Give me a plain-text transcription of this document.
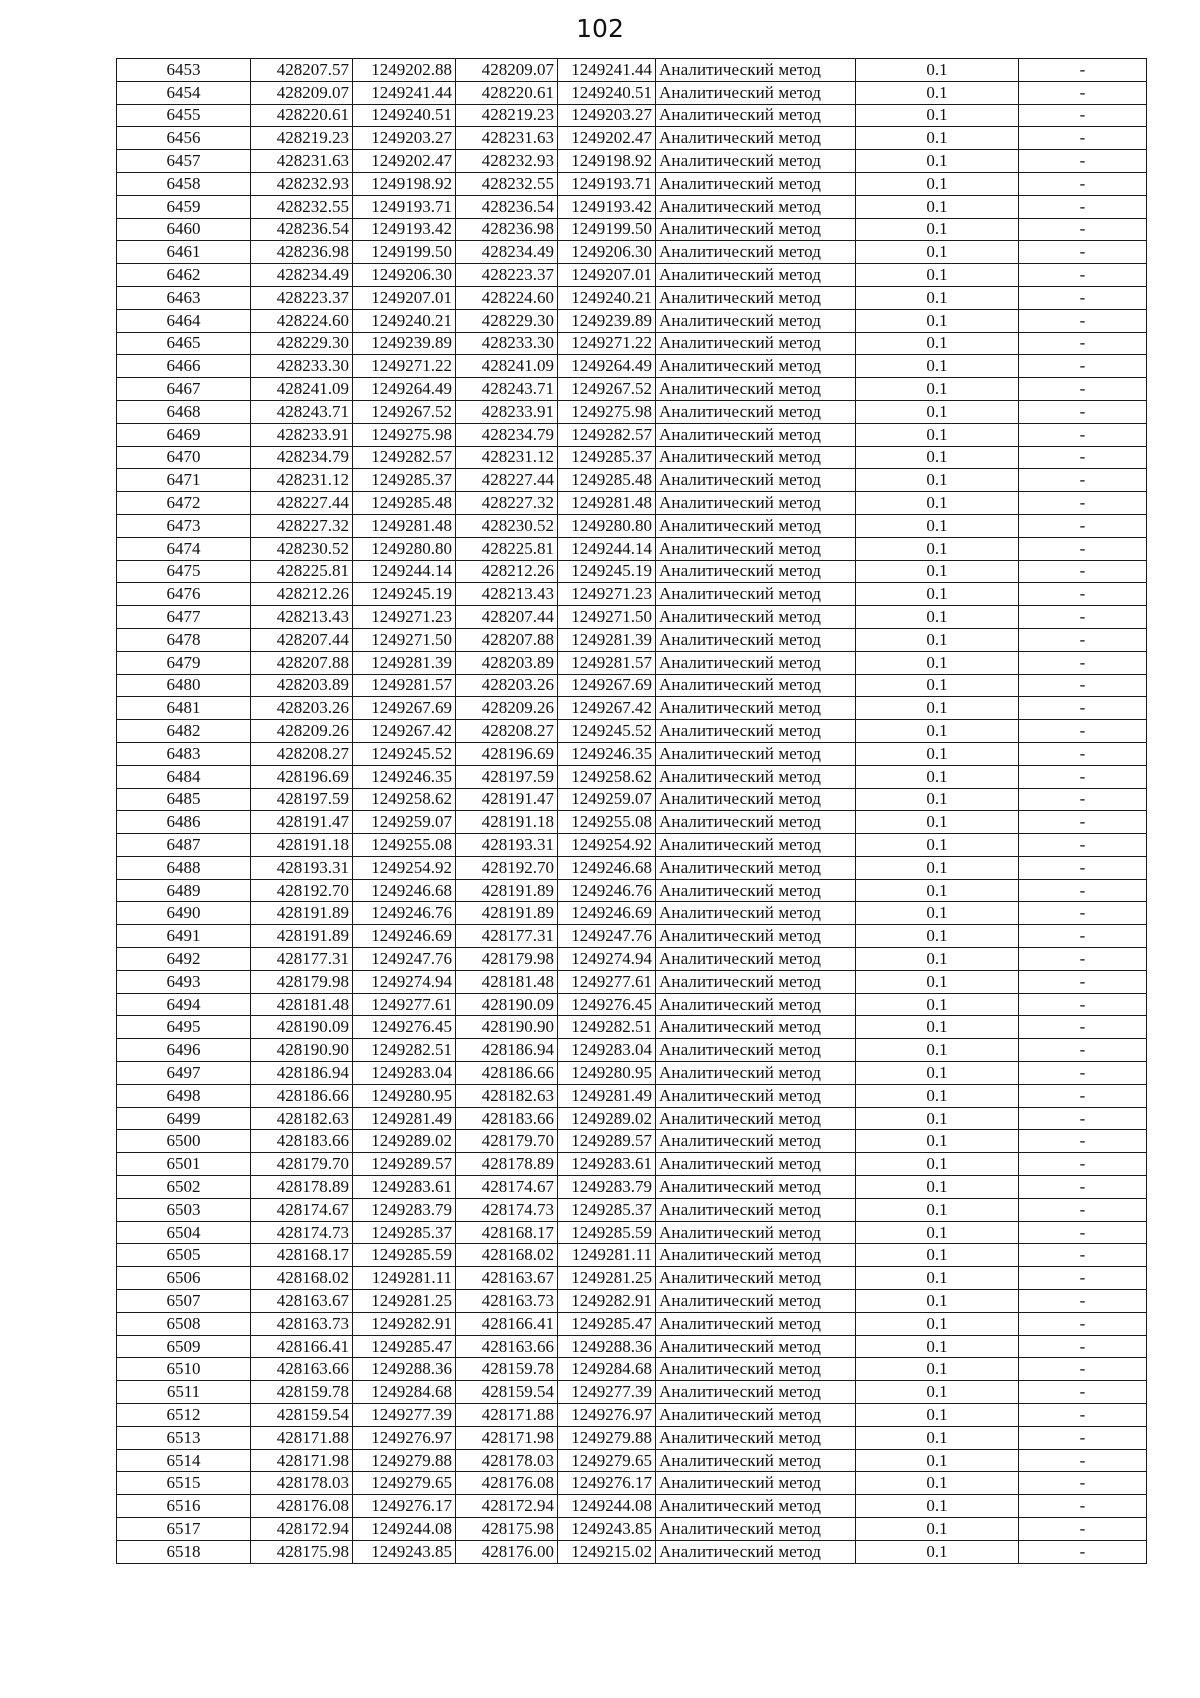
102
6453	428207.57	1249202.88	428209.07	1249241.44	Аналитический метод	0.1	-
6454	428209.07	1249241.44	428220.61	1249240.51	Аналитический метод	0.1	-
6455	428220.61	1249240.51	428219.23	1249203.27	Аналитический метод	0.1	-
6456	428219.23	1249203.27	428231.63	1249202.47	Аналитический метод	0.1	-
6457	428231.63	1249202.47	428232.93	1249198.92	Аналитический метод	0.1	-
6458	428232.93	1249198.92	428232.55	1249193.71	Аналитический метод	0.1	-
6459	428232.55	1249193.71	428236.54	1249193.42	Аналитический метод	0.1	-
6460	428236.54	1249193.42	428236.98	1249199.50	Аналитический метод	0.1	-
6461	428236.98	1249199.50	428234.49	1249206.30	Аналитический метод	0.1	-
6462	428234.49	1249206.30	428223.37	1249207.01	Аналитический метод	0.1	-
6463	428223.37	1249207.01	428224.60	1249240.21	Аналитический метод	0.1	-
6464	428224.60	1249240.21	428229.30	1249239.89	Аналитический метод	0.1	-
6465	428229.30	1249239.89	428233.30	1249271.22	Аналитический метод	0.1	-
6466	428233.30	1249271.22	428241.09	1249264.49	Аналитический метод	0.1	-
6467	428241.09	1249264.49	428243.71	1249267.52	Аналитический метод	0.1	-
6468	428243.71	1249267.52	428233.91	1249275.98	Аналитический метод	0.1	-
6469	428233.91	1249275.98	428234.79	1249282.57	Аналитический метод	0.1	-
6470	428234.79	1249282.57	428231.12	1249285.37	Аналитический метод	0.1	-
6471	428231.12	1249285.37	428227.44	1249285.48	Аналитический метод	0.1	-
6472	428227.44	1249285.48	428227.32	1249281.48	Аналитический метод	0.1	-
6473	428227.32	1249281.48	428230.52	1249280.80	Аналитический метод	0.1	-
6474	428230.52	1249280.80	428225.81	1249244.14	Аналитический метод	0.1	-
6475	428225.81	1249244.14	428212.26	1249245.19	Аналитический метод	0.1	-
6476	428212.26	1249245.19	428213.43	1249271.23	Аналитический метод	0.1	-
6477	428213.43	1249271.23	428207.44	1249271.50	Аналитический метод	0.1	-
6478	428207.44	1249271.50	428207.88	1249281.39	Аналитический метод	0.1	-
6479	428207.88	1249281.39	428203.89	1249281.57	Аналитический метод	0.1	-
6480	428203.89	1249281.57	428203.26	1249267.69	Аналитический метод	0.1	-
6481	428203.26	1249267.69	428209.26	1249267.42	Аналитический метод	0.1	-
6482	428209.26	1249267.42	428208.27	1249245.52	Аналитический метод	0.1	-
6483	428208.27	1249245.52	428196.69	1249246.35	Аналитический метод	0.1	-
6484	428196.69	1249246.35	428197.59	1249258.62	Аналитический метод	0.1	-
6485	428197.59	1249258.62	428191.47	1249259.07	Аналитический метод	0.1	-
6486	428191.47	1249259.07	428191.18	1249255.08	Аналитический метод	0.1	-
6487	428191.18	1249255.08	428193.31	1249254.92	Аналитический метод	0.1	-
6488	428193.31	1249254.92	428192.70	1249246.68	Аналитический метод	0.1	-
6489	428192.70	1249246.68	428191.89	1249246.76	Аналитический метод	0.1	-
6490	428191.89	1249246.76	428191.89	1249246.69	Аналитический метод	0.1	-
6491	428191.89	1249246.69	428177.31	1249247.76	Аналитический метод	0.1	-
6492	428177.31	1249247.76	428179.98	1249274.94	Аналитический метод	0.1	-
6493	428179.98	1249274.94	428181.48	1249277.61	Аналитический метод	0.1	-
6494	428181.48	1249277.61	428190.09	1249276.45	Аналитический метод	0.1	-
6495	428190.09	1249276.45	428190.90	1249282.51	Аналитический метод	0.1	-
6496	428190.90	1249282.51	428186.94	1249283.04	Аналитический метод	0.1	-
6497	428186.94	1249283.04	428186.66	1249280.95	Аналитический метод	0.1	-
6498	428186.66	1249280.95	428182.63	1249281.49	Аналитический метод	0.1	-
6499	428182.63	1249281.49	428183.66	1249289.02	Аналитический метод	0.1	-
6500	428183.66	1249289.02	428179.70	1249289.57	Аналитический метод	0.1	-
6501	428179.70	1249289.57	428178.89	1249283.61	Аналитический метод	0.1	-
6502	428178.89	1249283.61	428174.67	1249283.79	Аналитический метод	0.1	-
6503	428174.67	1249283.79	428174.73	1249285.37	Аналитический метод	0.1	-
6504	428174.73	1249285.37	428168.17	1249285.59	Аналитический метод	0.1	-
6505	428168.17	1249285.59	428168.02	1249281.11	Аналитический метод	0.1	-
6506	428168.02	1249281.11	428163.67	1249281.25	Аналитический метод	0.1	-
6507	428163.67	1249281.25	428163.73	1249282.91	Аналитический метод	0.1	-
6508	428163.73	1249282.91	428166.41	1249285.47	Аналитический метод	0.1	-
6509	428166.41	1249285.47	428163.66	1249288.36	Аналитический метод	0.1	-
6510	428163.66	1249288.36	428159.78	1249284.68	Аналитический метод	0.1	-
6511	428159.78	1249284.68	428159.54	1249277.39	Аналитический метод	0.1	-
6512	428159.54	1249277.39	428171.88	1249276.97	Аналитический метод	0.1	-
6513	428171.88	1249276.97	428171.98	1249279.88	Аналитический метод	0.1	-
6514	428171.98	1249279.88	428178.03	1249279.65	Аналитический метод	0.1	-
6515	428178.03	1249279.65	428176.08	1249276.17	Аналитический метод	0.1	-
6516	428176.08	1249276.17	428172.94	1249244.08	Аналитический метод	0.1	-
6517	428172.94	1249244.08	428175.98	1249243.85	Аналитический метод	0.1	-
6518	428175.98	1249243.85	428176.00	1249215.02	Аналитический метод	0.1	-
